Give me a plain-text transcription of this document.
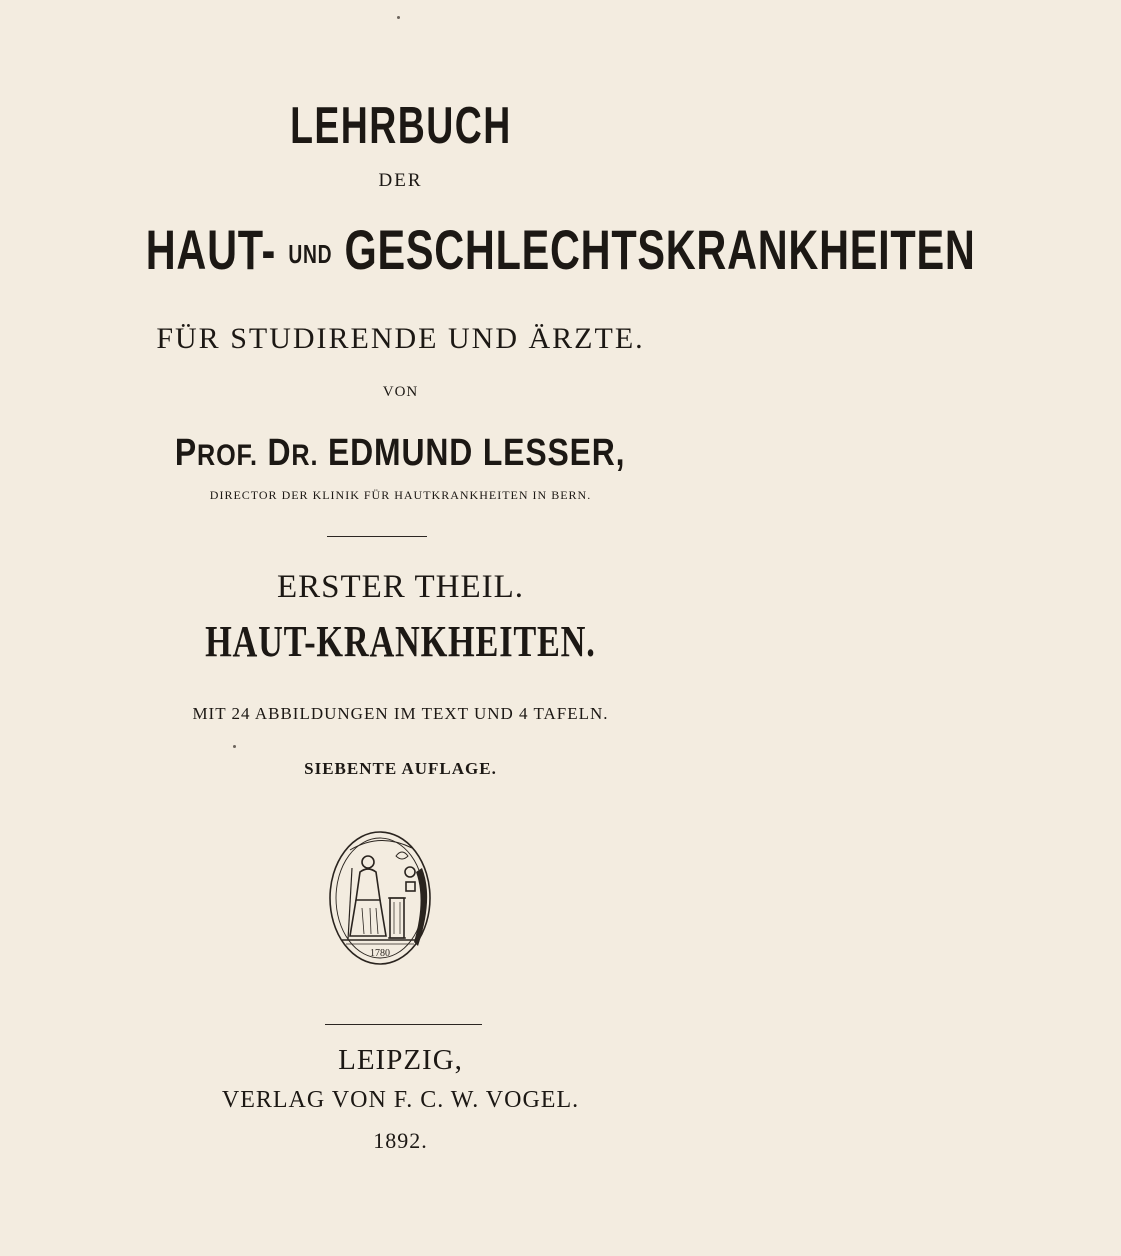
LEHRBUCH
DER
HAUT- UND GESCHLECHTSKRANKHEITEN
FÜR STUDIRENDE UND ÄRZTE.
VON
PROF. DR. EDMUND LESSER,
DIRECTOR DER KLINIK FÜR HAUTKRANKHEITEN IN BERN.
ERSTER THEIL.
HAUT-KRANKHEITEN.
MIT 24 ABBILDUNGEN IM TEXT UND 4 TAFELN.
SIEBENTE AUFLAGE.
1780
LEIPZIG,
VERLAG VON F. C. W. VOGEL.
1892.
